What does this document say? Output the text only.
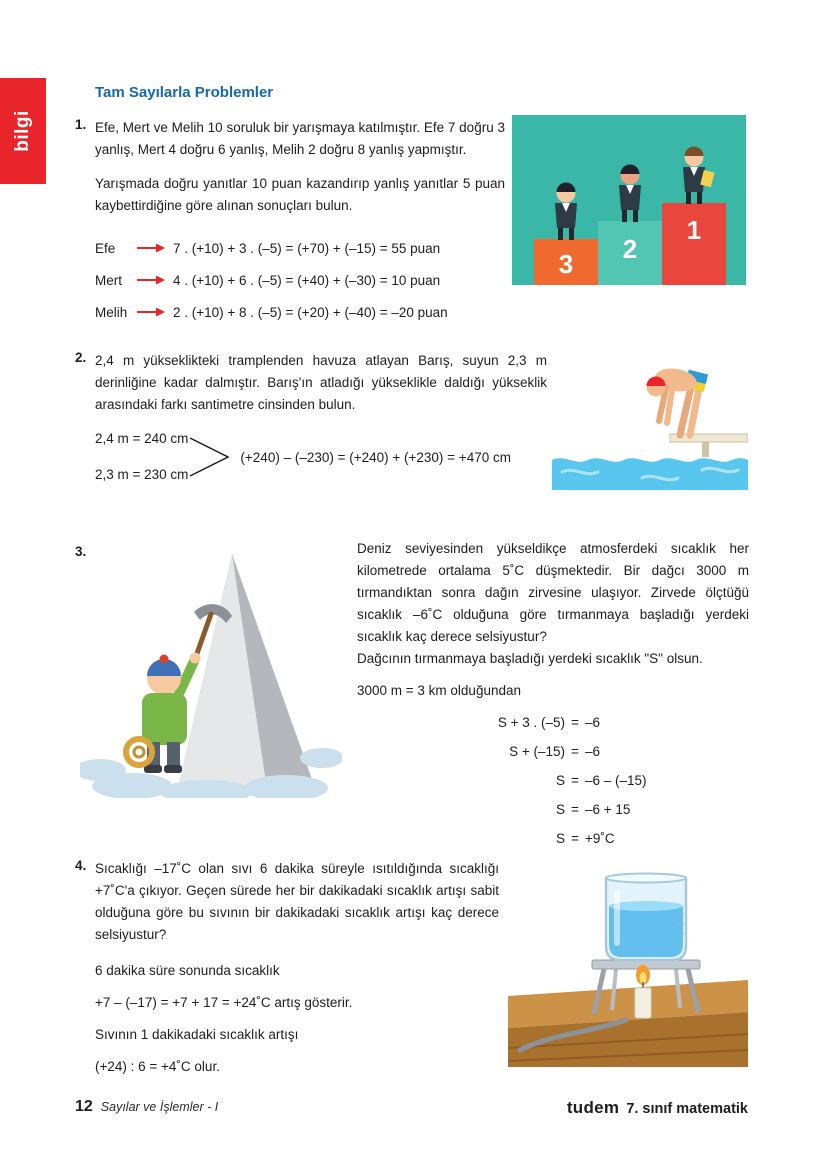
bilgi
Tam Sayılarla Problemler
1. Efe, Mert ve Melih 10 soruluk bir yarışmaya katılmıştır. Efe 7 doğru 3 yanlış, Mert 4 doğru 6 yanlış, Melih 2 doğru 8 yanlış yapmıştır.

Yarışmada doğru yanıtlar 10 puan kazandırıp yanlış yanıtlar 5 puan kaybettirdiğine göre alınan sonuçları bulun.

Efe	7 . (+10) + 3 . (–5) = (+70) + (–15) = 55 puan
Mert	4 . (+10) + 6 . (–5) = (+40) + (–30) = 10 puan
Melih	2 . (+10) + 8 . (–5) = (+20) + (–40) = –20 puan
3 2
1
2. 2,4 m yükseklikteki tramplenden havuza atlayan Barış, suyun 2,3 m derinliğine kadar dalmıştır. Barış'ın atladığı yükseklikle daldığı yükseklik arasındaki farkı santimetre cinsinden bulun.

2,4 m = 240 cm
2,3 m = 230 cm
(+240) – (–230) = (+240) + (+230) = +470 cm
3.	Deniz seviyesinden yükseldikçe atmosferdeki sıcaklık her kilometrede ortalama 5˚C düşmektedir. Bir dağcı 3000 m tırmandıktan sonra dağın zirvesine ulaşıyor. Zirvede ölçtüğü sıcaklık –6˚C olduğuna göre tırmanmaya başladığı yerdeki sıcaklık kaç derece selsiyustur?

Dağcının tırmanmaya başladığı yerdeki sıcaklık "S" olsun.

3000 m = 3 km olduğundan

S + 3 . (–5) = –6
S + (–15) = –6
S = –6 – (–15)
S = –6 + 15
S = +9˚C
4. Sıcaklığı –17˚C olan sıvı 6 dakika süreyle ısıtıldığında sıcaklığı +7˚C'a çıkıyor. Geçen sürede her bir dakikadaki sıcaklık artışı sabit olduğuna göre bu sıvının bir dakikadaki sıcaklık artışı kaç derece selsiyustur?

6 dakika süre sonunda sıcaklık

+7 – (–17) = +7 + 17 = +24˚C artış gösterir.

Sıvının 1 dakikadaki sıcaklık artışı

(+24) : 6 = +4˚C olur.

12 Sayılar ve İşlemler - I	tudem 7. sınıf matematik
